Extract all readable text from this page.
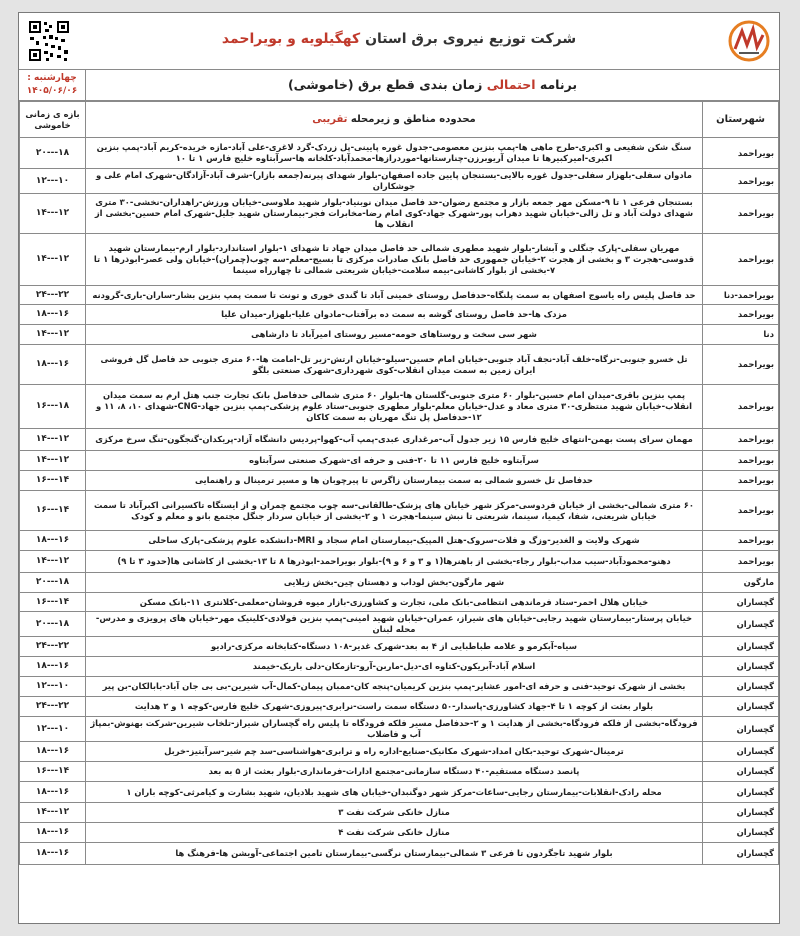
شرکت توزیع نیروی برق استان کهگیلویه و بویراحمد
برنامه احتمالی زمان بندی قطع برق (خاموشی)
چهارشنبه :
۱۴۰۵/۰۶/۰۶
شهرستان	محدوده مناطق و زیرمحله تقریبی	بازه ی زمانی خاموشی
بویراحمد	سنگ شکن شفیعی و اکبری-طرح ماهی ها-پمپ بنزین معصومی-جدول غوره پایینی-پل زردک-گرد لاغری-علی آباد-مازه خریده-کریم آباد-پمپ بنزین اکبری-امیرکبیرها تا میدان آریوبرزن-چنارستانها-موردرازها-محمدآباد-کلخانه ها-سرآبتاوه خلیج فارس ۱ تا ۱۰	۲۰---۱۸
بویراحمد	مادوان سفلی-بلهزار سفلی-جدول غوره بالایی-بستنجان پایین جاده اصفهان-بلوار شهدای پیرنه(جمعه بازار)-شرف آباد-آزادگان-شهرک امام علی و جوشکاران	۱۲---۱۰
بویراحمد	بستنجان فرعی ۱ تا ۹-مسکن مهر جمعه بازار و مجتمع رضوان-حد فاصل میدان نوبنیاد-بلوار شهید ملاوسی-خیابان ورزش-راهداران-نخشی-۳۰ متری شهدای دولت آباد و تل زالی-خیابان شهید دهراب پور-شهرک جهاد-کوی امام رضا-مخابرات فجر-بیمارستان شهید جلیل-شهرک امام حسین-بخشی از انقلاب ها	۱۴---۱۲
بویراحمد	مهریان سفلی-پارک جنگلی و آبشار-بلوار شهید مطهری شمالی حد فاصل میدان جهاد تا شهدای ۱-بلوار استاندارد-بلوار ارم-بیمارستان شهید قدوسی-هجرت ۳ و بخشی از هجرت ۲-خیابان جمهوری حد فاصل بانک صادرات مرکزی تا بسیج-معلم-سه چوب(چمران)-خیابان ولی عصر-ابوذرها ۱ تا ۷-بخشی از بلوار کاشانی-بیمه سلامت-خیابان شریعتی شمالی تا چهارراه سینما	۱۴---۱۲
بویراحمد-دنا	حد فاصل پلیس راه یاسوج اصفهان به سمت پلنگاه-حدفاصل روستای خمینی آباد تا گندی خوری و تونت تا سمت پمپ بنزین بشار-ساران-باری-گرودنه	۲۴---۲۲
بویراحمد	مزدک ها-حد فاصل روستای گوشه به سمت ده برآفتاب-مادوان علیا-بلهزار-میدان علیا	۱۸---۱۶
دنا	شهر سی سخت و روستاهای حومه-مسیر روستای امیرآباد تا دارشاهی	۱۴---۱۲
بویراحمد	تل خسرو جنوبی-نرگاه-خلف آباد-نجف آباد جنوبی-خیابان امام حسین-سیلو-خیابان ارتش-زیر تل-امامت ها-۶۰ متری جنوبی حد فاصل گل فروشی ایران زمین به سمت میدان انقلاب-کوی شهرداری-شهرک صنعتی بلگو	۱۸---۱۶
بویراحمد	پمپ بنزین باقری-میدان امام حسین-بلوار ۶۰ متری جنوبی-گلستان ها-بلوار ۶۰ متری شمالی حدفاصل بانک تجارت جنب هتل ارم به سمت میدان انقلاب-خیابان شهید منتظری-۳۰ متری معاد و عدل-خیابان معلم-بلوار مطهری جنوبی-ستاد علوم پزشکی-پمپ بنزین جهاد-CNG-شهدای ۱۰، ۸، ۱۱ و ۱۲-حدفاصل پل تنگ مهریان به سمت کاکان	۱۶---۱۸
بویراحمد	مهمان سرای پست بهمن-انتهای خلیج فارس ۱۵ زیر جدول آب-مرغداری عبدی-پمپ آب-کهوا-پردیس دانشگاه آزاد-پریکدان-گنجگون-تنگ سرخ مرکزی	۱۴---۱۲
بویراحمد	سرآبتاوه خلیج فارس ۱۱ تا ۲۰-فنی و حرفه ای-شهرک صنعتی سرآبتاوه	۱۴---۱۲
بویراحمد	حدفاصل تل خسرو شمالی به سمت بیمارستان زاگرس تا پیرچوبان ها و مسیر ترمینال و راهنمایی	۱۶---۱۴
بویراحمد	۶۰ متری شمالی-بخشی از خیابان فردوسی-مرکز شهر خیابان های پزشک-طالقانی-سه چوب مجتمع چمران و از ایستگاه تاکسیرانی اکبرآباد تا سمت خیابان شریعتی، شفا، کیمیا، سینما، شریعتی تا نبش سینما-هجرت ۱ و ۲-بخشی از خیابان سردار جنگل مجتمع بانو و معلم و کودک	۱۶---۱۴
بویراحمد	شهرک ولایت و الغدیر-وزگ و فلات-سروک-هتل المپیک-بیمارستان امام سجاد و MRI-دانشکده علوم پزشکی-پارک ساحلی	۱۸---۱۶
بویراحمد	دهنو-محمودآباد-سیب مداب-بلوار رجاء-بخشی از باهنرها(۱ و ۳ و ۶ و ۹)-بلوار بویراحمد-ابوذرها ۸ تا ۱۳-بخشی از کاشانی ها(حدود ۳ تا ۹)	۱۴---۱۲
مارگون	شهر مارگون-بخش لوداب و دهستان چین-بخش زیلایی	۲۰---۱۸
گچساران	خیابان هلال احمر-ستاد فرماندهی انتظامی-بانک ملی، تجارت و کشاورزی-بازار میوه فروشان-معلمی-کلانتری ۱۱-بانک مسکن	۱۶---۱۴
گچساران	خیابان پرستار-بیمارستان شهید رجایی-خیابان های شیراز، عمران-خیابان شهید امینی-پمپ بنزین فولادی-کلینیک مهر-خیابان های پرویزی و مدرس-محله لبنان	۲۰---۱۸
گچساران	سیاه-آبکرمو و علامه طباطبایی از ۴ به بعد-شهرک غدیر-۱۰۸ دستگاه-کتابخانه مرکزی-رادیو	۲۴---۲۲
گچساران	اسلام آباد-آبریکون-کتاوه ای-دیل-ماربن-آرو-تازمکان-دلی باریک-خیمند	۱۸---۱۶
گچساران	بخشی از شهرک توحید-فنی و حرفه ای-امور عشایر-پمپ بنزین کریمیان-پنجه کان-ممبان پیمان-کمال-آب شیرین-بی بی جان آباد-بابالکان-بن پیر	۱۲---۱۰
گچساران	بلوار بعثت از کوچه ۱ تا ۴-جهاد کشاورزی-پاسدار-۵۰ دستگاه سمت راست-نرابری-پیروزی-شهرک خلیج فارس-کوچه ۱ و ۲ هدایت	۲۴---۲۲
گچساران	فرودگاه-بخشی از فلکه فرودگاه-بخشی از هدایت ۱ و ۲-حدفاصل مسیر فلکه فرودگاه تا پلیس راه گچساران شیراز-تلخاب شیرین-شرکت بهنوش-بمپاژ آب و فاضلاب	۱۲---۱۰
گچساران	ترمینال-شهرک توحید-بکان امداد-شهرک مکانیک-صنایع-اداره راه و ترابری-هواشناسی-سد چم شیر-سرآبتیز-خربل	۱۸---۱۶
گچساران	پانصد دستگاه مستقیم-۴۰ دستگاه سازمانی-مجتمع ادارات-فرمانداری-بلوار بعثت از ۵ به بعد	۱۶---۱۴
گچساران	محله رادک-انقلابات-بیمارستان رجایی-ساعات-مرکز شهر دوگنبدان-خیابان های شهید بلادیان، شهید بشارت و کیامرثی-کوچه باران ۱	۱۸---۱۶
گچساران	منازل خانکی شرکت نفت ۳	۱۴---۱۲
گچساران	منازل خانکی شرکت نفت ۴	۱۸---۱۶
گچساران	بلوار شهید تاجگردون تا فرعی ۳ شمالی-بیمارستان نرگسی-بیمارستان تامین اجتماعی-آویشن ها-فرهنگ ها	۱۸---۱۶
